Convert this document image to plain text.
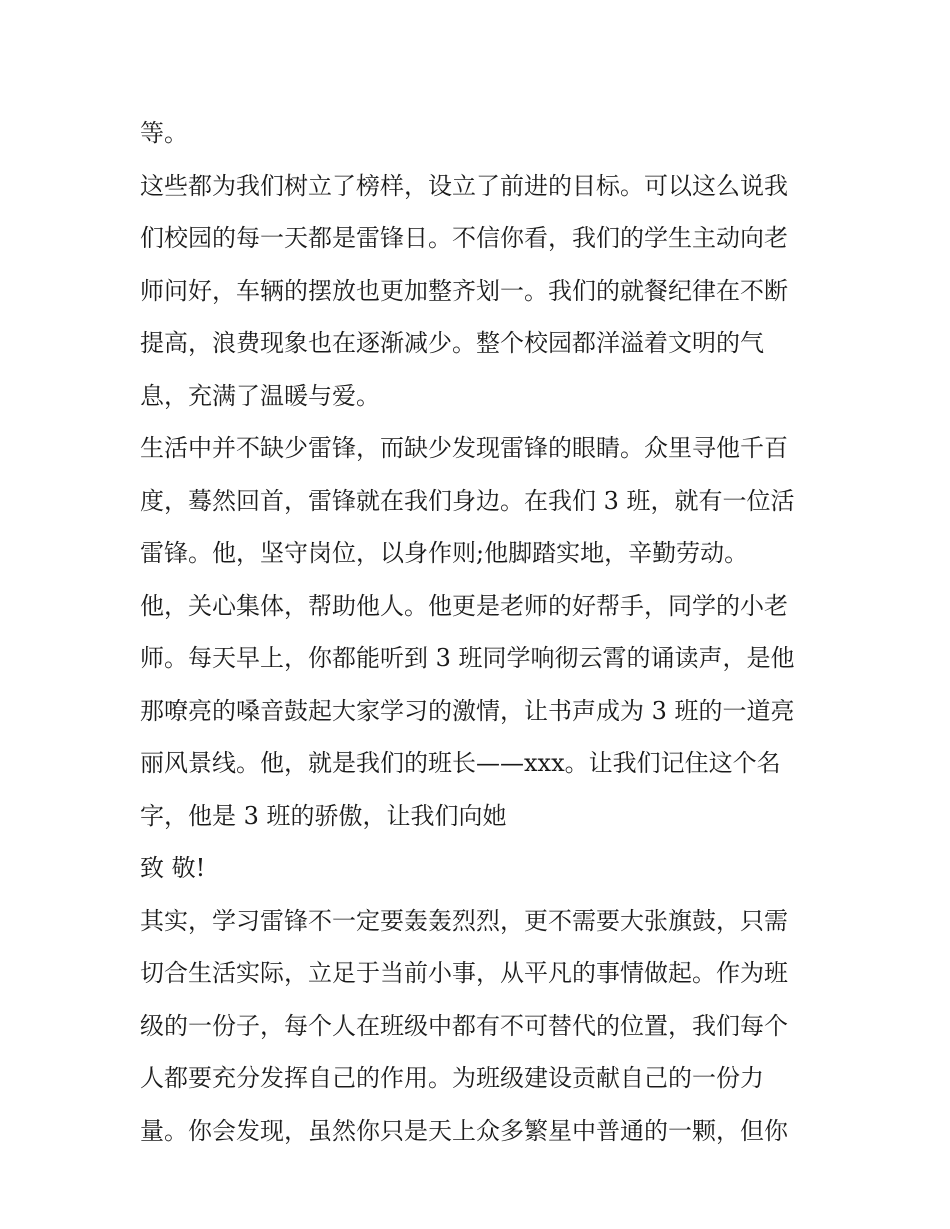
等。
这些都为我们树立了榜样，设立了前进的目标。可以这么说我
们校园的每一天都是雷锋日。不信你看，我们的学生主动向老
师问好，车辆的摆放也更加整齐划一。我们的就餐纪律在不断
提高，浪费现象也在逐渐减少。整个校园都洋溢着文明的气
息，充满了温暖与爱。
生活中并不缺少雷锋，而缺少发现雷锋的眼睛。众里寻他千百
度，蓦然回首，雷锋就在我们身边。在我们 3 班，就有一位活
雷锋。他，坚守岗位，以身作则;他脚踏实地，辛勤劳动。
他，关心集体，帮助他人。他更是老师的好帮手，同学的小老
师。每天早上，你都能听到 3 班同学响彻云霄的诵读声，是他
那嘹亮的嗓音鼓起大家学习的激情，让书声成为 3 班的一道亮
丽风景线。他，就是我们的班长——xxx。让我们记住这个名
字，他是 3 班的骄傲，让我们向她
致 敬!
其实，学习雷锋不一定要轰轰烈烈，更不需要大张旗鼓，只需
切合生活实际，立足于当前小事，从平凡的事情做起。作为班
级的一份子，每个人在班级中都有不可替代的位置，我们每个
人都要充分发挥自己的作用。为班级建设贡献自己的一份力
量。你会发现，虽然你只是天上众多繁星中普通的一颗，但你
